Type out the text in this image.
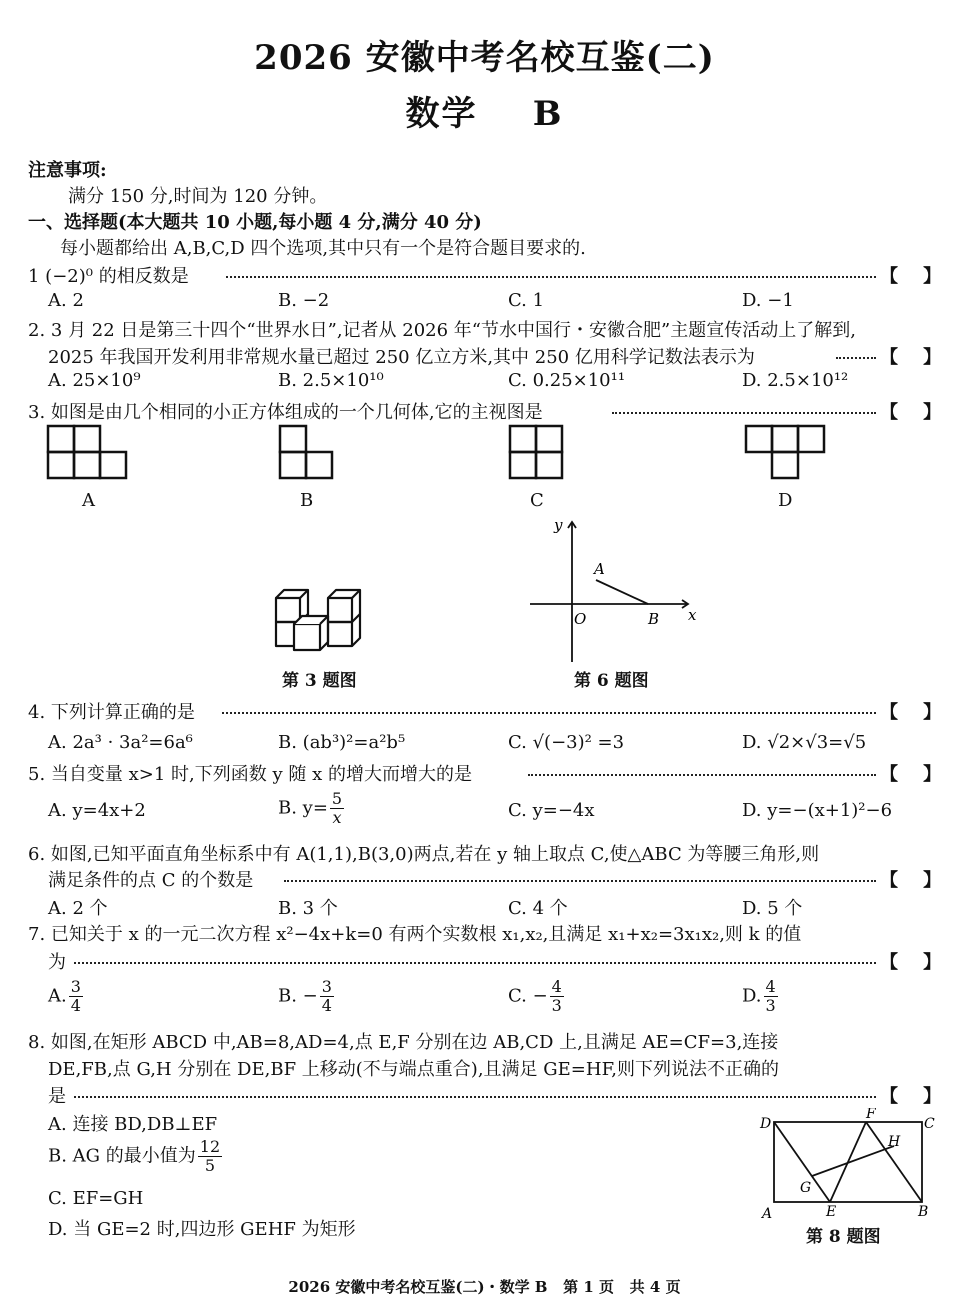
2026 安徽中考名校互鉴(二)
数学    B
注意事项:
满分 150 分,时间为 120 分钟。
一、选择题(本大题共 10 小题,每小题 4 分,满分 40 分)
每小题都给出 A,B,C,D 四个选项,其中只有一个是符合题目要求的.
1 (−2)⁰ 的相反数是	【    】
A. 2	B. −2	C. 1	D. −1
2. 3 月 22 日是第三十四个“世界水日”,记者从 2026 年“节水中国行・安徽合肥”主题宣传活动上了解到,
2025 年我国开发利用非常规水量已超过 250 亿立方米,其中 250 亿用科学记数法表示为	【    】
A. 25×10⁹	B. 2.5×10¹⁰	C. 0.25×10¹¹	D. 2.5×10¹²
3. 如图是由几个相同的小正方体组成的一个几何体,它的主视图是	【    】
A	B	C	D
第 3 题图
y
x
O
A
B
第 6 题图
4. 下列计算正确的是	【    】
A. 2a³ · 3a²=6a⁶	B. (ab³)²=a²b⁵	C. √(−3)² =3	D. √2×√3=√5
5. 当自变量 x>1 时,下列函数 y 随 x 的增大而增大的是	【    】
A. y=4x+2	B. $y= \frac{5}{x}$	C. y=−4x	D. y=−(x+1)²−6
6. 如图,已知平面直角坐标系中有 A(1,1),B(3,0)两点,若在 y 轴上取点 C,使△ABC 为等腰三角形,则
满足条件的点 C 的个数是	【    】
A. 2 个	B. 3 个	C. 4 个	D. 5 个
7. 已知关于 x 的一元二次方程 x²−4x+k=0 有两个实数根 x₁,x₂,且满足 x₁+x₂=3x₁x₂,则 k 的值
为	【    】
A. $\frac{3}{4}$	B. − $\frac{3}{4}$	C. − $\frac{4}{3}$	D. $\frac{4}{3}$
8. 如图,在矩形 ABCD 中,AB=8,AD=4,点 E,F 分别在边 AB,CD 上,且满足 AE=CF=3,连接
DE,FB,点 G,H 分别在 DE,BF 上移动(不与端点重合),且满足 GE=HF,则下列说法不正确的
是	【    】
A. 连接 BD,DB⊥EF
B. AG 的最小值为 $\frac{12}{5}$
C. EF=GH
D. 当 GE=2 时,四边形 GEHF 为矩形
D	C
A	B
E
F
G
H
第 8 题图
2026 安徽中考名校互鉴(二)・数学 B   第 1 页   共 4 页
